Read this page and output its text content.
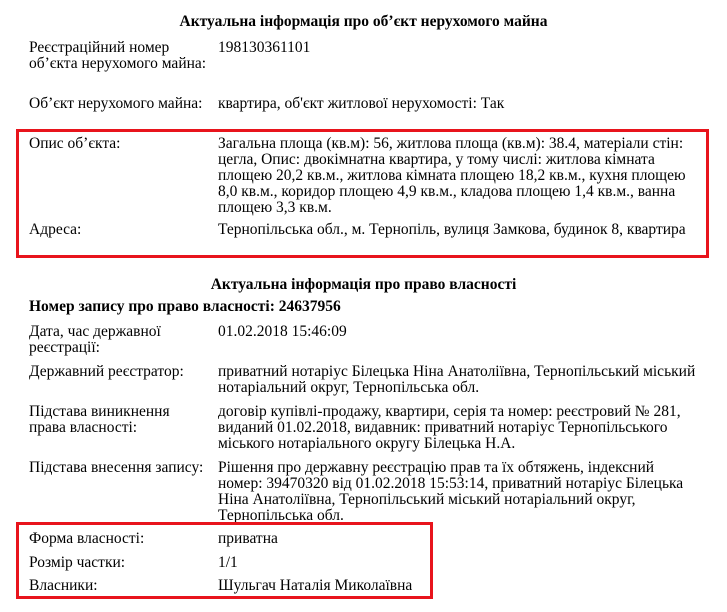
Актуальна інформація про об’єкт нерухомого майна
Реєстраційний номер об’єкта нерухомого майна:
198130361101
Об’єкт нерухомого майна:	квартира, об'єкт житлової нерухомості: Так
Опис об’єкта:	Загальна площа (кв.м): 56, житлова площа (кв.м): 38.4, матеріали стін: цегла, Опис: двокімнатна квартира, у тому числі: житлова кімната площею 20,2 кв.м., житлова кімната площею 18,2 кв.м., кухня площею 8,0 кв.м., коридор площею 4,9 кв.м., кладова площею 1,4 кв.м., ванна площею 3,3 кв.м.
Адреса:	Тернопільська обл., м. Тернопіль, вулиця Замкова, будинок 8, квартира
Актуальна інформація про право власності
Номер запису про право власності: 24637956
Дата, час державної реєстрації:
01.02.2018 15:46:09
Державний реєстратор:	приватний нотаріус Білецька Ніна Анатоліївна, Тернопільський міський нотаріальний округ, Тернопільська обл.
Підстава виникнення права власності:
договір купівлі-продажу, квартири, серія та номер: реєстровий № 281, виданий 01.02.2018, видавник: приватний нотаріус Тернопільського міського нотаріального округу Білецька Н.А.
Підстава внесення запису: Рішення про державну реєстрацію прав та їх обтяжень, індексний номер: 39470320 від 01.02.2018 15:53:14, приватний нотаріус Білецька Ніна Анатоліївна, Тернопільський міський нотаріальний округ, Тернопільська обл.
Форма власності:	приватна
Розмір частки:	1/1
Власники:	Шульгач Наталія Миколаївна
